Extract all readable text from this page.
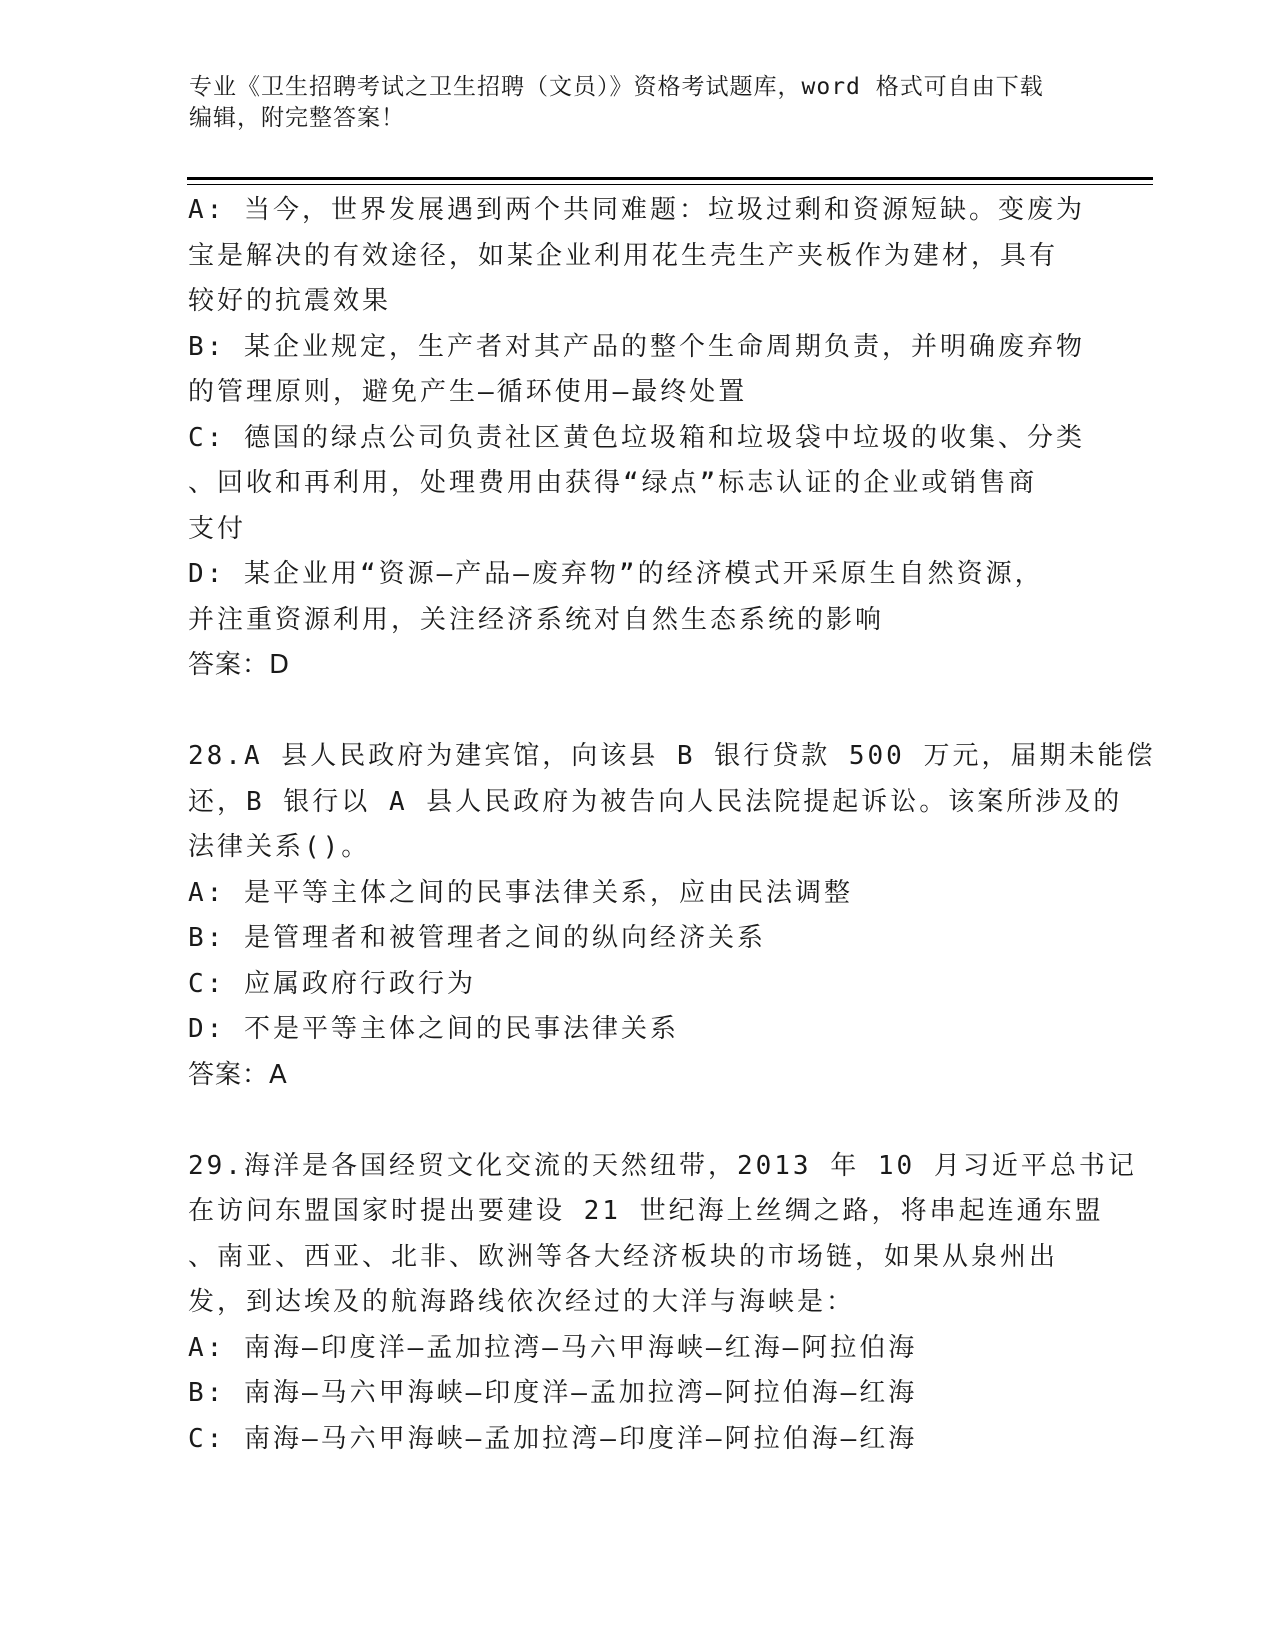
专业《卫生招聘考试之卫生招聘（文员）》资格考试题库，word 格式可自由下载
编辑，附完整答案！
A: 当今，世界发展遇到两个共同难题：垃圾过剩和资源短缺。变废为
宝是解决的有效途径，如某企业利用花生壳生产夹板作为建材，具有
较好的抗震效果
B: 某企业规定，生产者对其产品的整个生命周期负责，并明确废弃物
的管理原则，避免产生—循环使用—最终处置
C: 德国的绿点公司负责社区黄色垃圾箱和垃圾袋中垃圾的收集、分类
、回收和再利用，处理费用由获得“绿点”标志认证的企业或销售商
支付
D: 某企业用“资源—产品—废弃物”的经济模式开采原生自然资源，
并注重资源利用，关注经济系统对自然生态系统的影响
答案：D
28.A 县人民政府为建宾馆，向该县 B 银行贷款 500 万元，届期未能偿
还，B 银行以 A 县人民政府为被告向人民法院提起诉讼。该案所涉及的
法律关系()。
A: 是平等主体之间的民事法律关系，应由民法调整
B: 是管理者和被管理者之间的纵向经济关系
C: 应属政府行政行为
D: 不是平等主体之间的民事法律关系
答案：A
29.海洋是各国经贸文化交流的天然纽带，2013 年 10 月习近平总书记
在访问东盟国家时提出要建设 21 世纪海上丝绸之路，将串起连通东盟
、南亚、西亚、北非、欧洲等各大经济板块的市场链，如果从泉州出
发，到达埃及的航海路线依次经过的大洋与海峡是：
A: 南海—印度洋—孟加拉湾—马六甲海峡—红海—阿拉伯海
B: 南海—马六甲海峡—印度洋—孟加拉湾—阿拉伯海—红海
C: 南海—马六甲海峡—孟加拉湾—印度洋—阿拉伯海—红海
